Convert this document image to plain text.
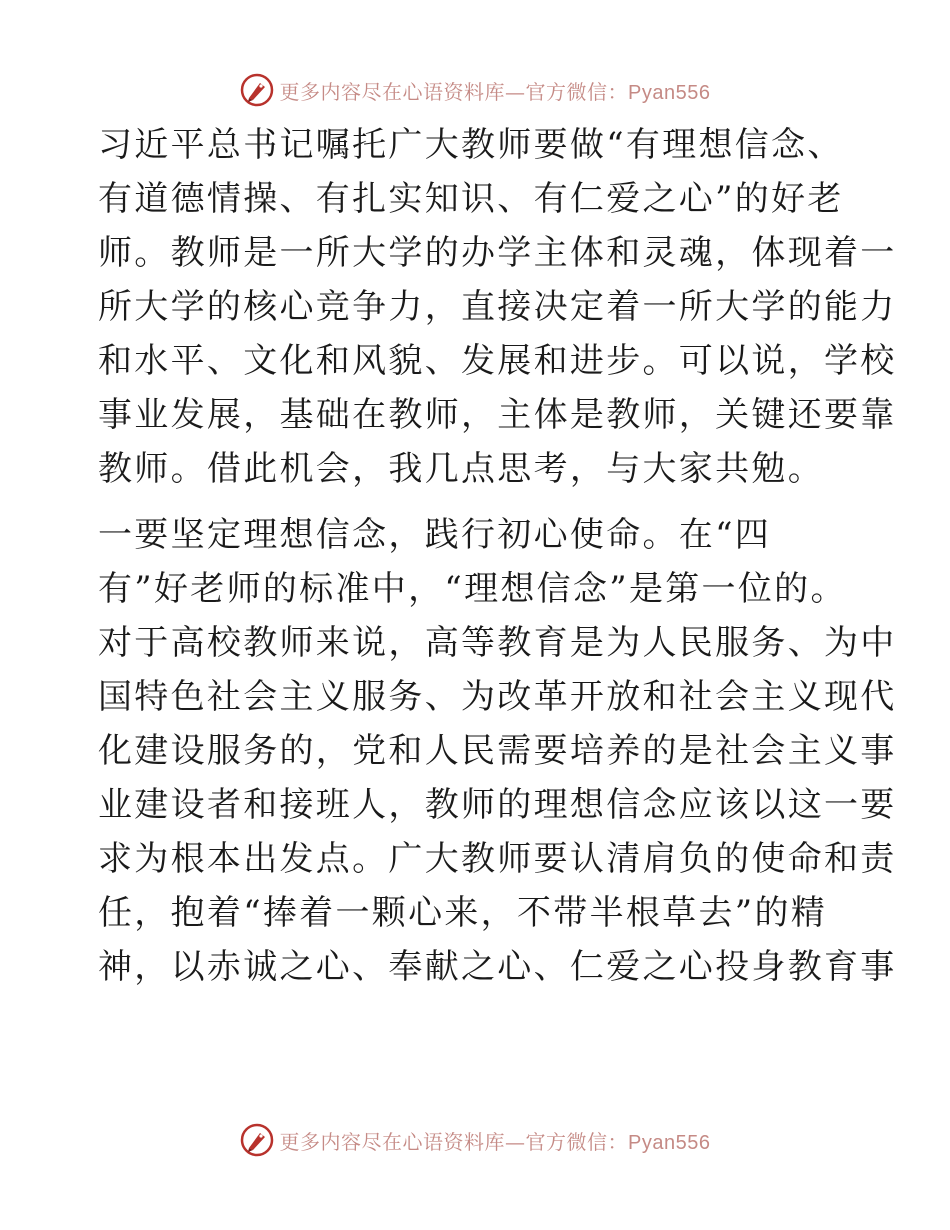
更多内容尽在心语资料库—官方微信：Pyan556
习近平总书记嘱托广大教师要做“有理想信念、
有道德情操、有扎实知识、有仁爱之心”的好老
师。教师是一所大学的办学主体和灵魂，体现着一
所大学的核心竞争力，直接决定着一所大学的能力
和水平、文化和风貌、发展和进步。可以说，学校
事业发展，基础在教师，主体是教师，关键还要靠
教师。借此机会，我几点思考，与大家共勉。
一要坚定理想信念，践行初心使命。在“四
有”好老师的标准中，“理想信念”是第一位的。
对于高校教师来说，高等教育是为人民服务、为中
国特色社会主义服务、为改革开放和社会主义现代
化建设服务的，党和人民需要培养的是社会主义事
业建设者和接班人，教师的理想信念应该以这一要
求为根本出发点。广大教师要认清肩负的使命和责
任，抱着“捧着一颗心来，不带半根草去”的精
神，以赤诚之心、奉献之心、仁爱之心投身教育事
更多内容尽在心语资料库—官方微信：Pyan556
